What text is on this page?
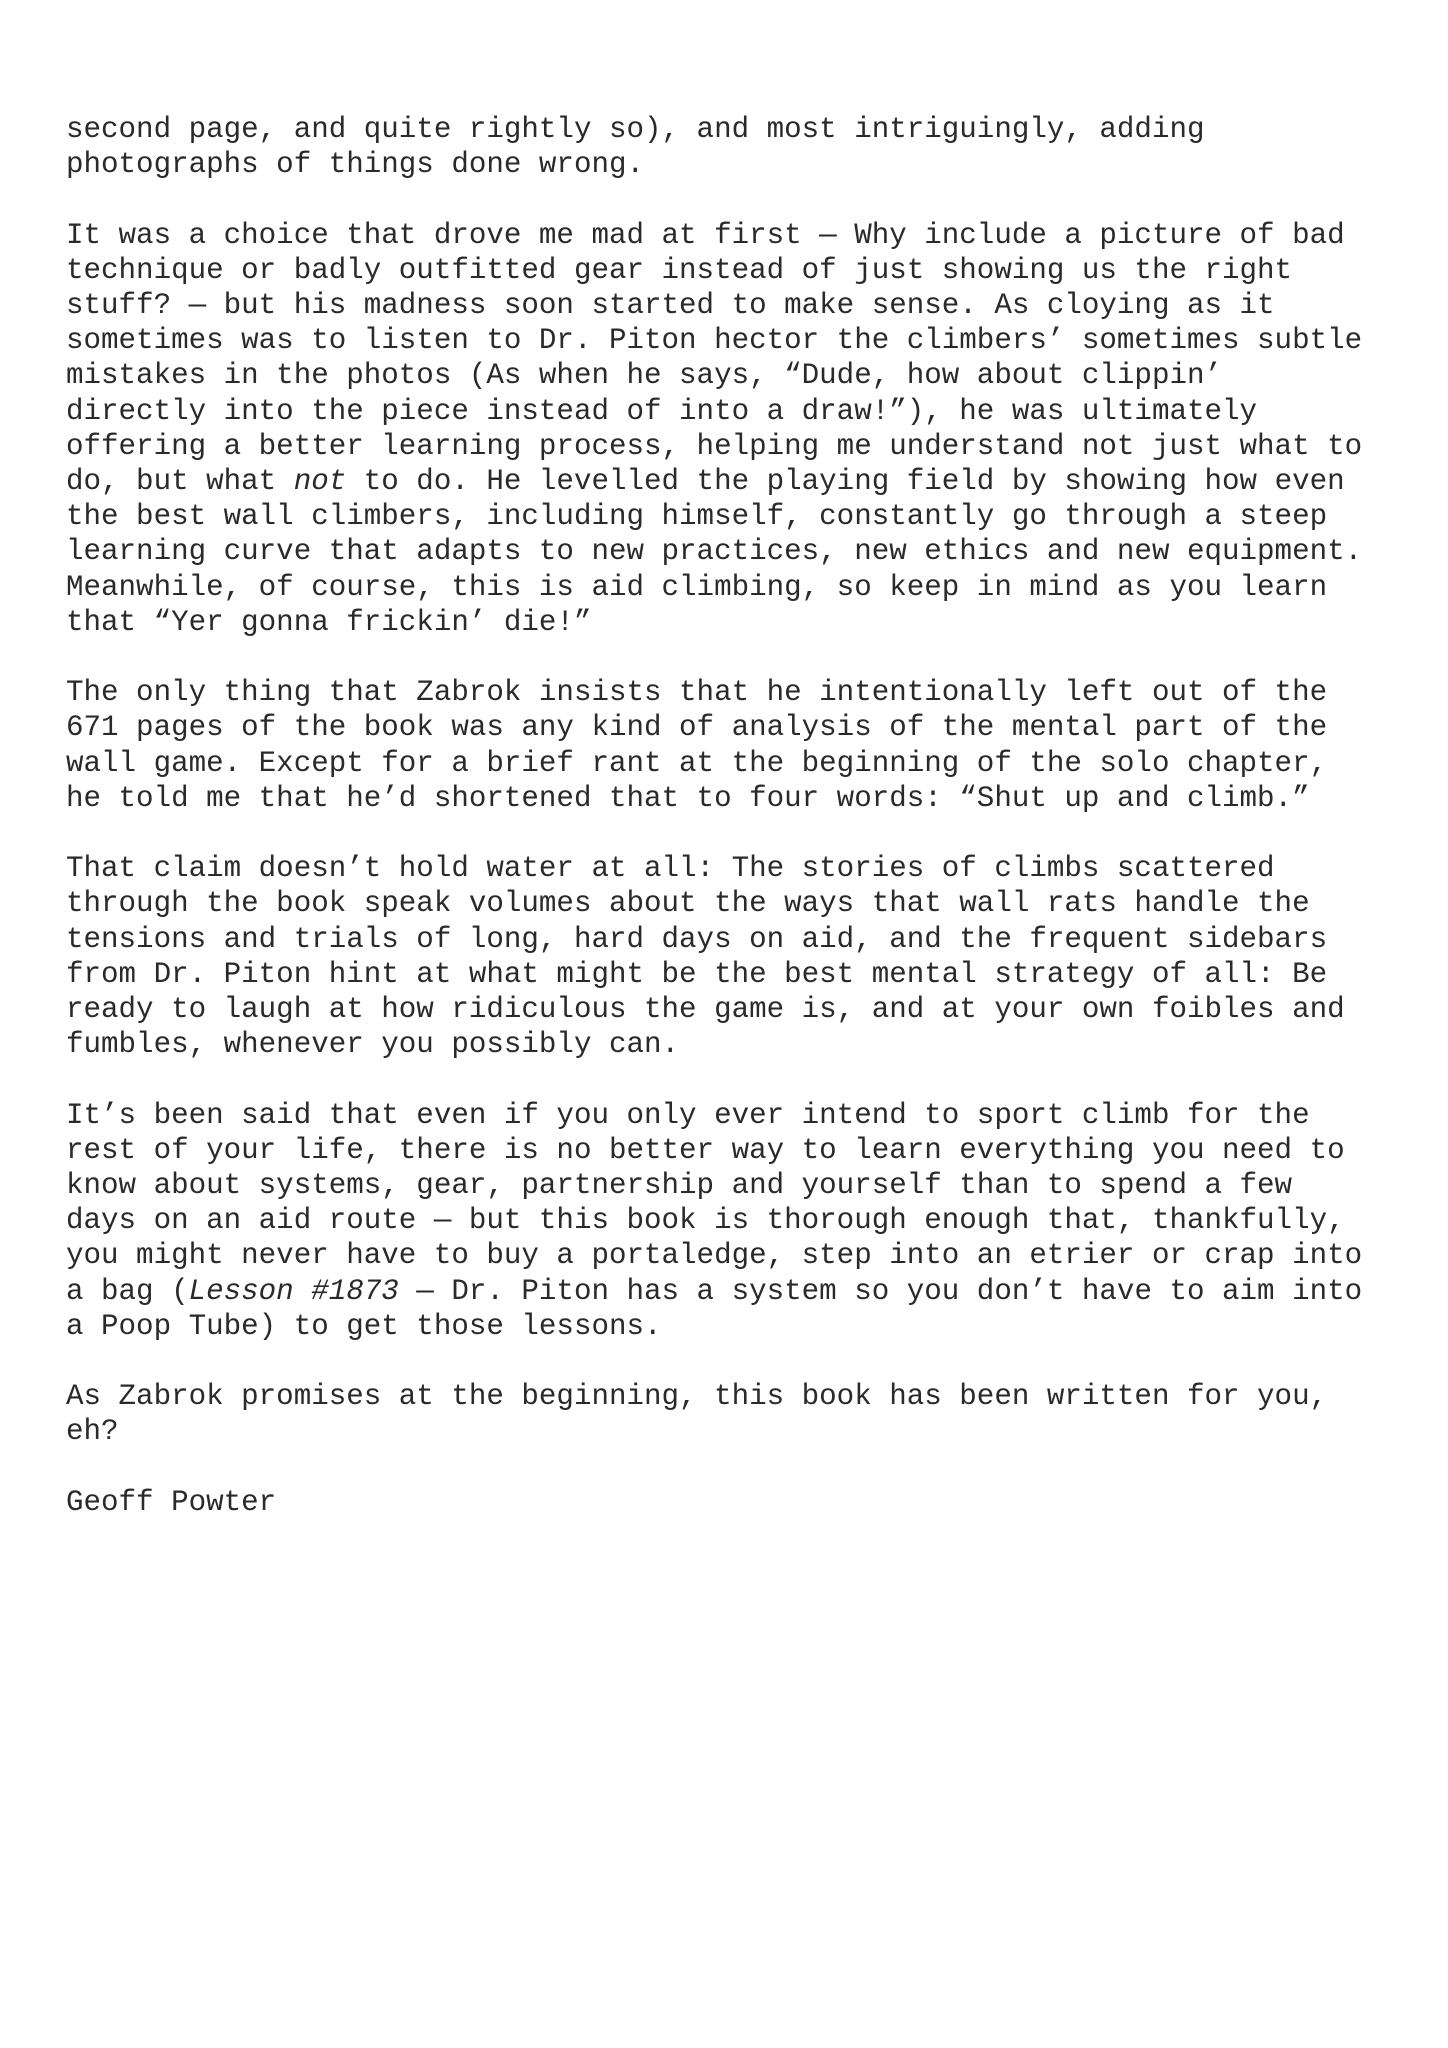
second page, and quite rightly so), and most intriguingly, adding
photographs of things done wrong.

It was a choice that drove me mad at first — Why include a picture of bad
technique or badly outfitted gear instead of just showing us the right
stuff? — but his madness soon started to make sense. As cloying as it
sometimes was to listen to Dr. Piton hector the climbers’ sometimes subtle
mistakes in the photos (As when he says, “Dude, how about clippin’
directly into the piece instead of into a draw!”), he was ultimately
offering a better learning process, helping me understand not just what to
do, but what not to do. He levelled the playing field by showing how even
the best wall climbers, including himself, constantly go through a steep
learning curve that adapts to new practices, new ethics and new equipment.
Meanwhile, of course, this is aid climbing, so keep in mind as you learn
that “Yer gonna frickin’ die!”

The only thing that Zabrok insists that he intentionally left out of the
671 pages of the book was any kind of analysis of the mental part of the
wall game. Except for a brief rant at the beginning of the solo chapter,
he told me that he’d shortened that to four words: “Shut up and climb.”

That claim doesn’t hold water at all: The stories of climbs scattered
through the book speak volumes about the ways that wall rats handle the
tensions and trials of long, hard days on aid, and the frequent sidebars
from Dr. Piton hint at what might be the best mental strategy of all: Be
ready to laugh at how ridiculous the game is, and at your own foibles and
fumbles, whenever you possibly can.

It’s been said that even if you only ever intend to sport climb for the
rest of your life, there is no better way to learn everything you need to
know about systems, gear, partnership and yourself than to spend a few
days on an aid route — but this book is thorough enough that, thankfully,
you might never have to buy a portaledge, step into an etrier or crap into
a bag (Lesson #1873 — Dr. Piton has a system so you don’t have to aim into
a Poop Tube) to get those lessons.

As Zabrok promises at the beginning, this book has been written for you,
eh?

Geoff Powter
